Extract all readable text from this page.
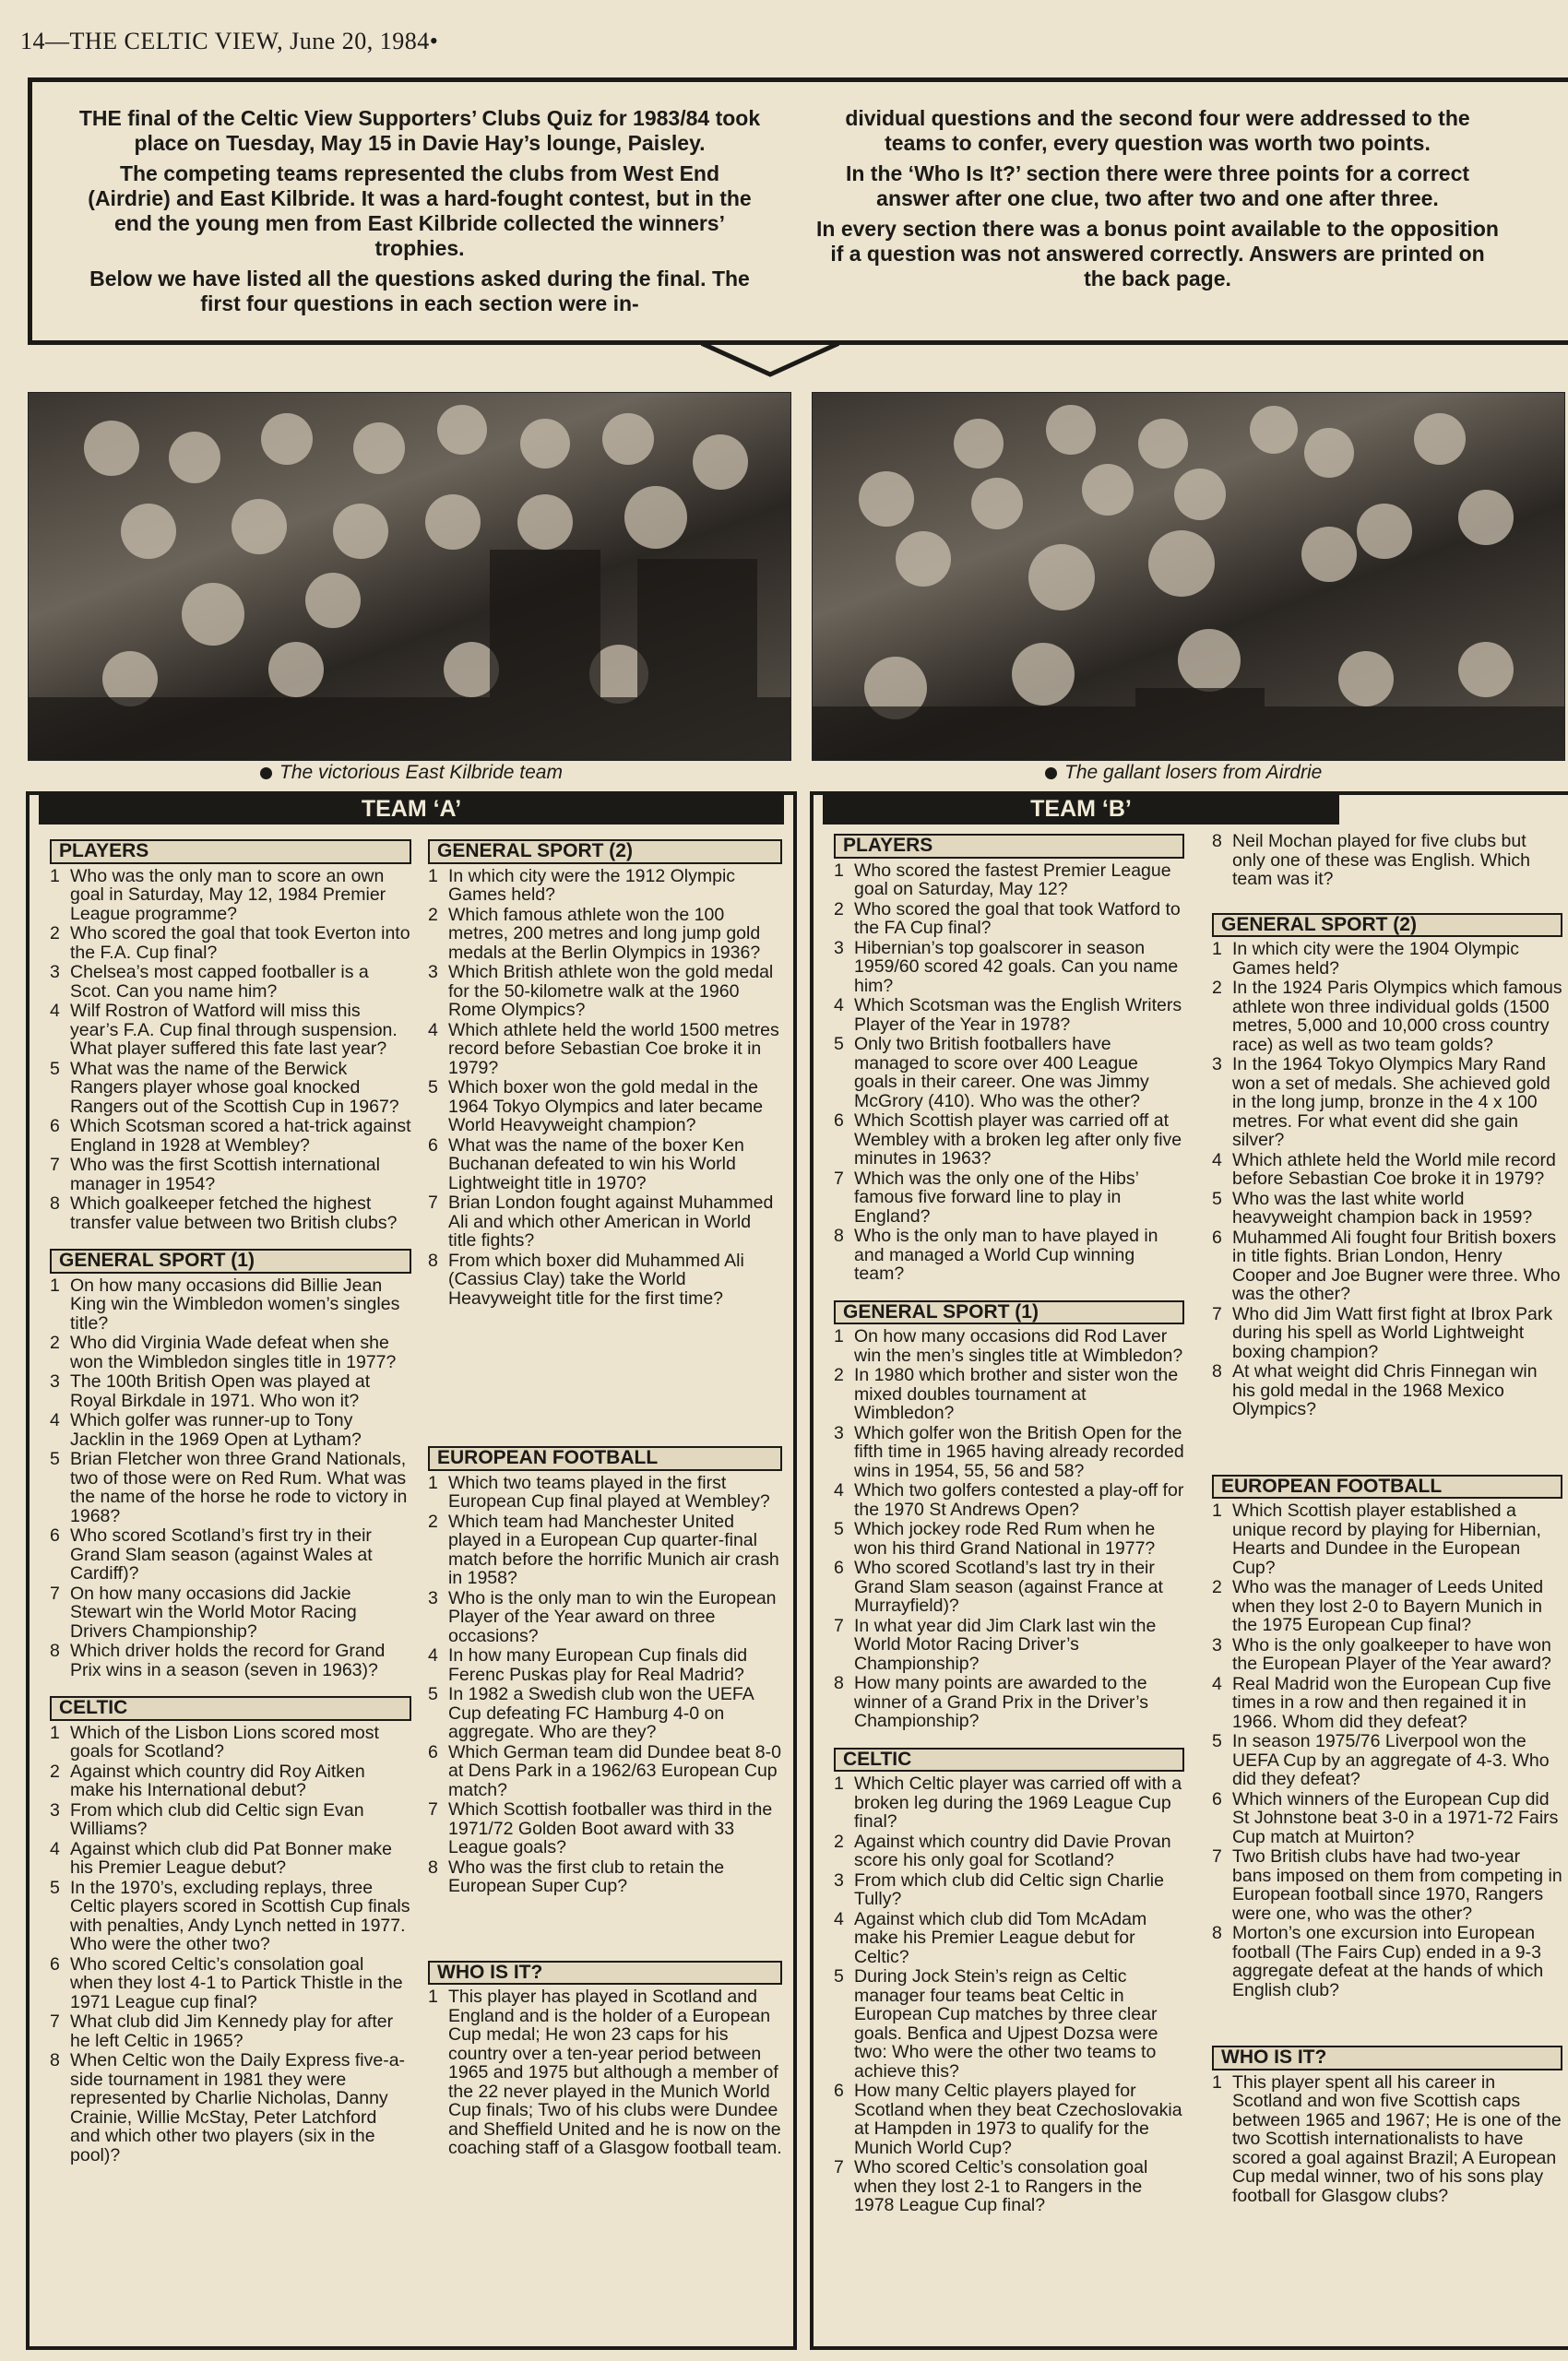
14—THE CELTIC VIEW, June 20, 1984•

THE final of the Celtic View Supporters’ Clubs Quiz for 1983/84 took place on Tuesday, May 15 in Davie Hay’s lounge, Paisley.

The competing teams represented the clubs from West End (Airdrie) and East Kilbride. It was a hard-fought contest, but in the end the young men from East Kilbride collected the winners’ trophies.

Below we have listed all the questions asked during the final. The first four questions in each section were in-

dividual questions and the second four were addressed to the teams to confer, every question was worth two points.

In the ‘Who Is It?’ section there were three points for a correct answer after one clue, two after two and one after three.

In every section there was a bonus point available to the opposition if a question was not answered correctly. Answers are printed on the back page.

The victorious East Kilbride team	The gallant losers from Airdrie
TEAM ‘A’
PLAYERS
1 Who was the only man to score an own goal in Saturday, May 12, 1984 Premier League programme?
2 Who scored the goal that took Everton into the F.A. Cup final?
3 Chelsea’s most capped footballer is a Scot. Can you name him?
4 Wilf Rostron of Watford will miss this year’s F.A. Cup final through suspension. What player suffered this fate last year?
5 What was the name of the Berwick Rangers player whose goal knocked Rangers out of the Scottish Cup in 1967?
6 Which Scotsman scored a hat-trick against England in 1928 at Wembley?
7 Who was the first Scottish international manager in 1954?
8 Which goalkeeper fetched the highest transfer value between two British clubs?
GENERAL SPORT (1)
1 On how many occasions did Billie Jean King win the Wimbledon women’s singles title?
2 Who did Virginia Wade defeat when she won the Wimbledon singles title in 1977?
3 The 100th British Open was played at Royal Birkdale in 1971. Who won it?
4 Which golfer was runner-up to Tony Jacklin in the 1969 Open at Lytham?
5 Brian Fletcher won three Grand Nationals, two of those were on Red Rum. What was the name of the horse he rode to victory in 1968?
6 Who scored Scotland’s first try in their Grand Slam season (against Wales at Cardiff)?
7 On how many occasions did Jackie Stewart win the World Motor Racing Drivers Championship?
8 Which driver holds the record for Grand Prix wins in a season (seven in 1963)?
CELTIC
1 Which of the Lisbon Lions scored most goals for Scotland?
2 Against which country did Roy Aitken make his International debut?
3 From which club did Celtic sign Evan Williams?
4 Against which club did Pat Bonner make his Premier League debut?
5 In the 1970’s, excluding replays, three Celtic players scored in Scottish Cup finals with penalties, Andy Lynch netted in 1977. Who were the other two?
6 Who scored Celtic’s consolation goal when they lost 4-1 to Partick Thistle in the 1971 League cup final?
7 What club did Jim Kennedy play for after he left Celtic in 1965?
8 When Celtic won the Daily Express five-a-side tournament in 1981 they were represented by Charlie Nicholas, Danny Crainie, Willie McStay, Peter Latchford and which other two players (six in the pool)?
GENERAL SPORT (2)
1 In which city were the 1912 Olympic Games held?
2 Which famous athlete won the 100 metres, 200 metres and long jump gold medals at the Berlin Olympics in 1936?
3 Which British athlete won the gold medal for the 50-kilometre walk at the 1960 Rome Olympics?
4 Which athlete held the world 1500 metres record before Sebastian Coe broke it in 1979?
5 Which boxer won the gold medal in the 1964 Tokyo Olympics and later became World Heavyweight champion?
6 What was the name of the boxer Ken Buchanan defeated to win his World Lightweight title in 1970?
7 Brian London fought against Muhammed Ali and which other American in World title fights?
8 From which boxer did Muhammed Ali (Cassius Clay) take the World Heavyweight title for the first time?
EUROPEAN FOOTBALL
1 Which two teams played in the first European Cup final played at Wembley?
2 Which team had Manchester United played in a European Cup quarter-final match before the horrific Munich air crash in 1958?
3 Who is the only man to win the European Player of the Year award on three occasions?
4 In how many European Cup finals did Ferenc Puskas play for Real Madrid?
5 In 1982 a Swedish club won the UEFA Cup defeating FC Hamburg 4-0 on aggregate. Who are they?
6 Which German team did Dundee beat 8-0 at Dens Park in a 1962/63 European Cup match?
7 Which Scottish footballer was third in the 1971/72 Golden Boot award with 33 League goals?
8 Who was the first club to retain the European Super Cup?
WHO IS IT?
1 This player has played in Scotland and England and is the holder of a European Cup medal; He won 23 caps for his country over a ten-year period between 1965 and 1975 but although a member of the 22 never played in the Munich World Cup finals; Two of his clubs were Dundee and Sheffield United and he is now on the coaching staff of a Glasgow football team.
TEAM ‘B’
PLAYERS
1 Who scored the fastest Premier League goal on Saturday, May 12?
2 Who scored the goal that took Watford to the FA Cup final?
3 Hibernian’s top goalscorer in season 1959/60 scored 42 goals. Can you name him?
4 Which Scotsman was the English Writers Player of the Year in 1978?
5 Only two British footballers have managed to score over 400 League goals in their career. One was Jimmy McGrory (410). Who was the other?
6 Which Scottish player was carried off at Wembley with a broken leg after only five minutes in 1963?
7 Which was the only one of the Hibs’ famous five forward line to play in England?
8 Who is the only man to have played in and managed a World Cup winning team?
GENERAL SPORT (1)
1 On how many occasions did Rod Laver win the men’s singles title at Wimbledon?
2 In 1980 which brother and sister won the mixed doubles tournament at Wimbledon?
3 Which golfer won the British Open for the fifth time in 1965 having already recorded wins in 1954, 55, 56 and 58?
4 Which two golfers contested a play-off for the 1970 St Andrews Open?
5 Which jockey rode Red Rum when he won his third Grand National in 1977?
6 Who scored Scotland’s last try in their Grand Slam season (against France at Murrayfield)?
7 In what year did Jim Clark last win the World Motor Racing Driver’s Championship?
8 How many points are awarded to the winner of a Grand Prix in the Driver’s Championship?
CELTIC
1 Which Celtic player was carried off with a broken leg during the 1969 League Cup final?
2 Against which country did Davie Provan score his only goal for Scotland?
3 From which club did Celtic sign Charlie Tully?
4 Against which club did Tom McAdam make his Premier League debut for Celtic?
5 During Jock Stein’s reign as Celtic manager four teams beat Celtic in European Cup matches by three clear goals. Benfica and Ujpest Dozsa were two: Who were the other two teams to achieve this?
6 How many Celtic players played for Scotland when they beat Czechoslovakia at Hampden in 1973 to qualify for the Munich World Cup?
7 Who scored Celtic’s consolation goal when they lost 2-1 to Rangers in the 1978 League Cup final?
8 Neil Mochan played for five clubs but only one of these was English. Which team was it?
GENERAL SPORT (2)
1 In which city were the 1904 Olympic Games held?
2 In the 1924 Paris Olympics which famous athlete won three individual golds (1500 metres, 5,000 and 10,000 cross country race) as well as two team golds?
3 In the 1964 Tokyo Olympics Mary Rand won a set of medals. She achieved gold in the long jump, bronze in the 4 x 100 metres. For what event did she gain silver?
4 Which athlete held the World mile record before Sebastian Coe broke it in 1979?
5 Who was the last white world heavyweight champion back in 1959?
6 Muhammed Ali fought four British boxers in title fights. Brian London, Henry Cooper and Joe Bugner were three. Who was the other?
7 Who did Jim Watt first fight at Ibrox Park during his spell as World Lightweight boxing champion?
8 At what weight did Chris Finnegan win his gold medal in the 1968 Mexico Olympics?
EUROPEAN FOOTBALL
1 Which Scottish player established a unique record by playing for Hibernian, Hearts and Dundee in the European Cup?
2 Who was the manager of Leeds United when they lost 2-0 to Bayern Munich in the 1975 European Cup final?
3 Who is the only goalkeeper to have won the European Player of the Year award?
4 Real Madrid won the European Cup five times in a row and then regained it in 1966. Whom did they defeat?
5 In season 1975/76 Liverpool won the UEFA Cup by an aggregate of 4-3. Who did they defeat?
6 Which winners of the European Cup did St Johnstone beat 3-0 in a 1971-72 Fairs Cup match at Muirton?
7 Two British clubs have had two-year bans imposed on them from competing in European football since 1970, Rangers were one, who was the other?
8 Morton’s one excursion into European football (The Fairs Cup) ended in a 9-3 aggregate defeat at the hands of which English club?
WHO IS IT?
1 This player spent all his career in Scotland and won five Scottish caps between 1965 and 1967; He is one of the two Scottish internationalists to have scored a goal against Brazil; A European Cup medal winner, two of his sons play football for Glasgow clubs?
